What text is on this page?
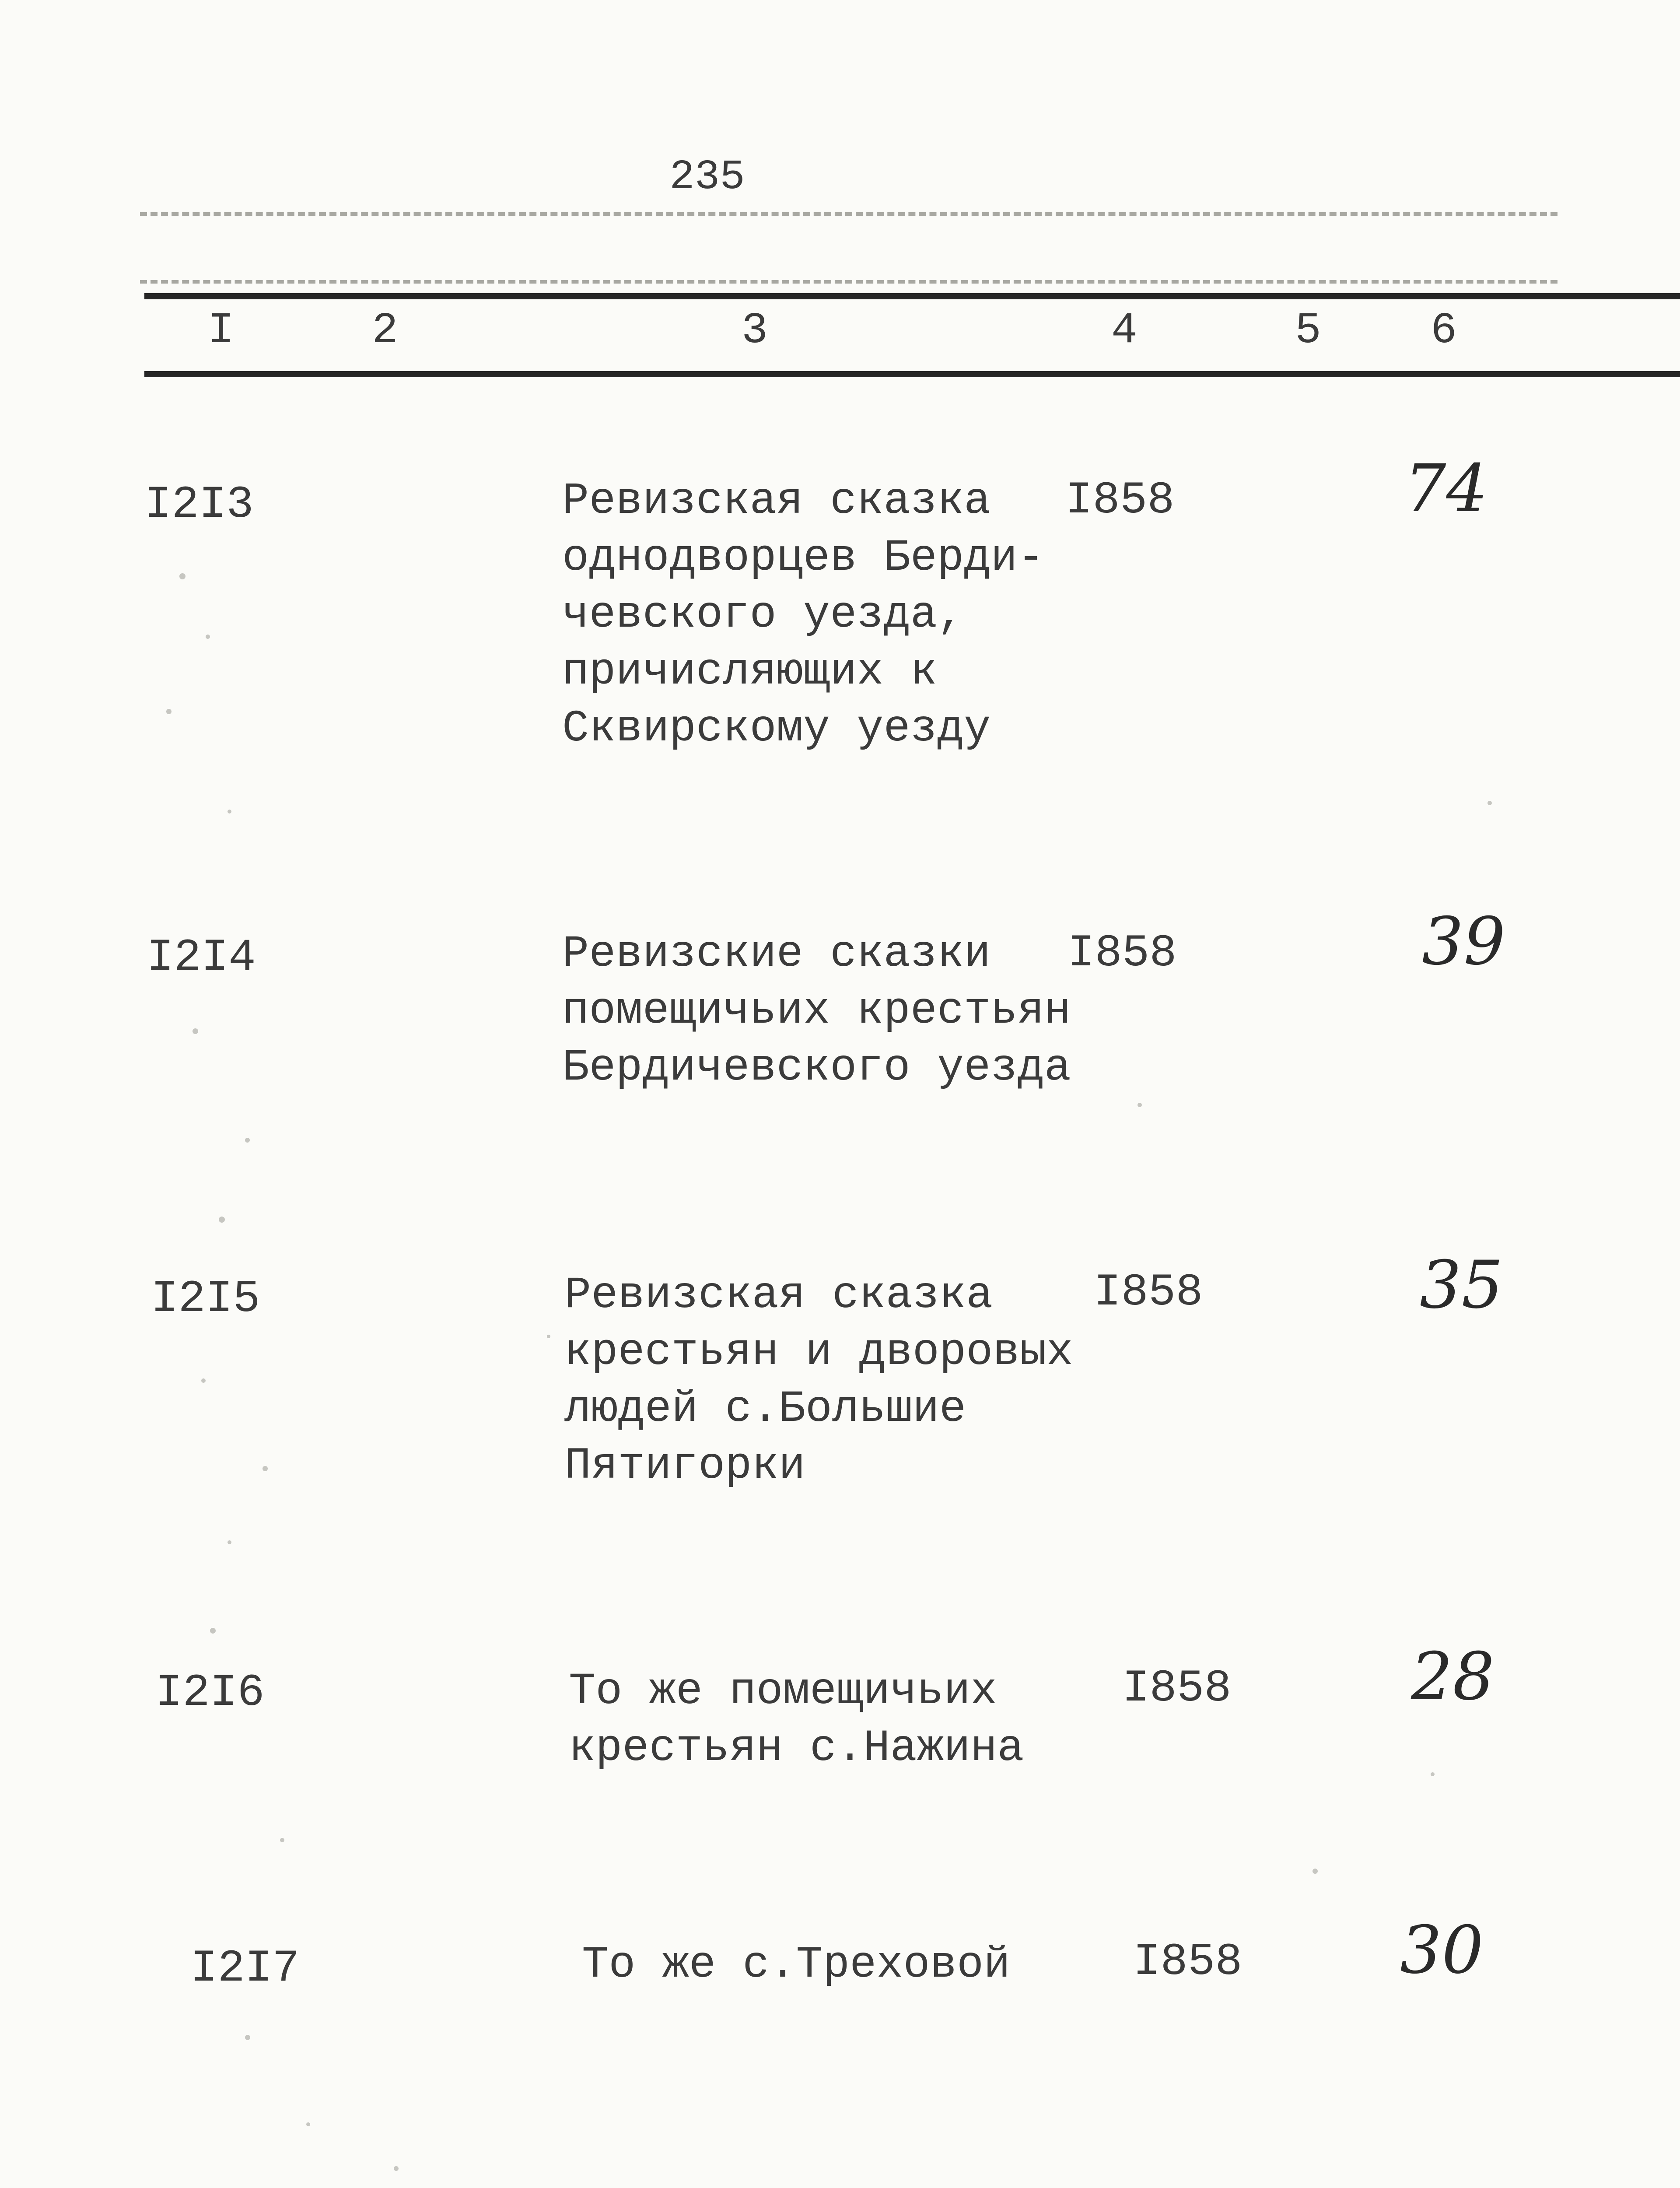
235
I	2	3	4	5 6
I2I3	Ревизская сказка
однодворцев Берди-
чевского уезда,
причисляющих к
Сквирскому уезду
I858	74
I2I4	Ревизские сказки
помещичьих крестьян
Бердичевского уезда
I858	39
I2I5	Ревизская сказка
крестьян и дворовых
людей с.Большие
Пятигорки
I858	35
I2I6	То же помещичьих
крестьян с.Нажина
I858	28
I2I7	То же с.Треховой	I858 30
